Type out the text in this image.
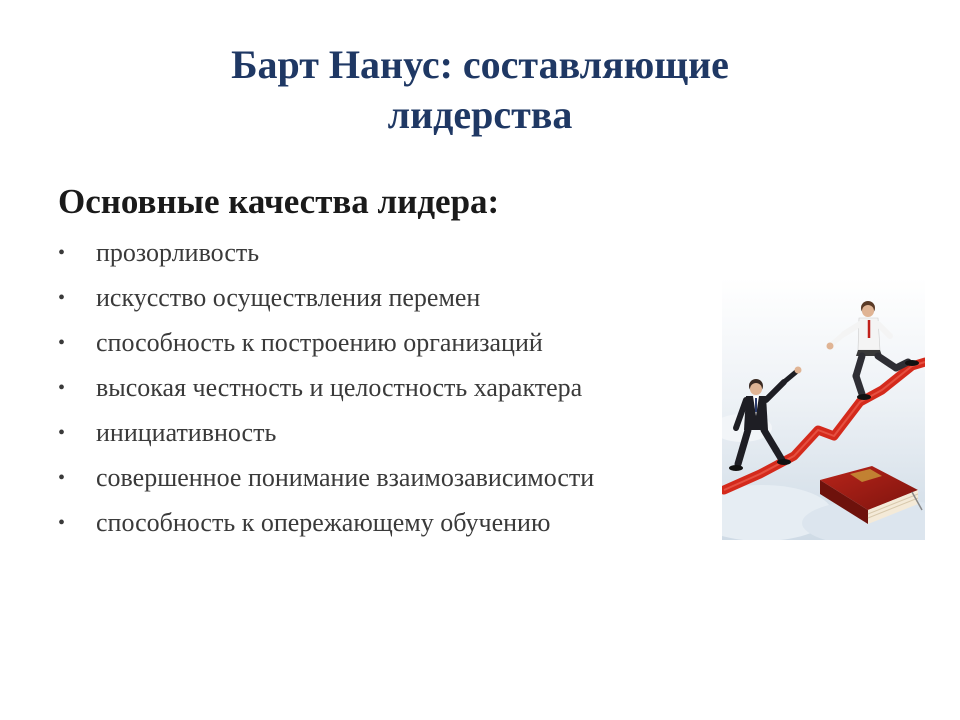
Барт Нанус: составляющие
лидерства
Основные качества лидера:
• прозорливость
• искусство осуществления перемен
• способность к построению организаций
• высокая честность и целостность характера
• инициативность
• совершенное понимание взаимозависимости
• способность к опережающему обучению
